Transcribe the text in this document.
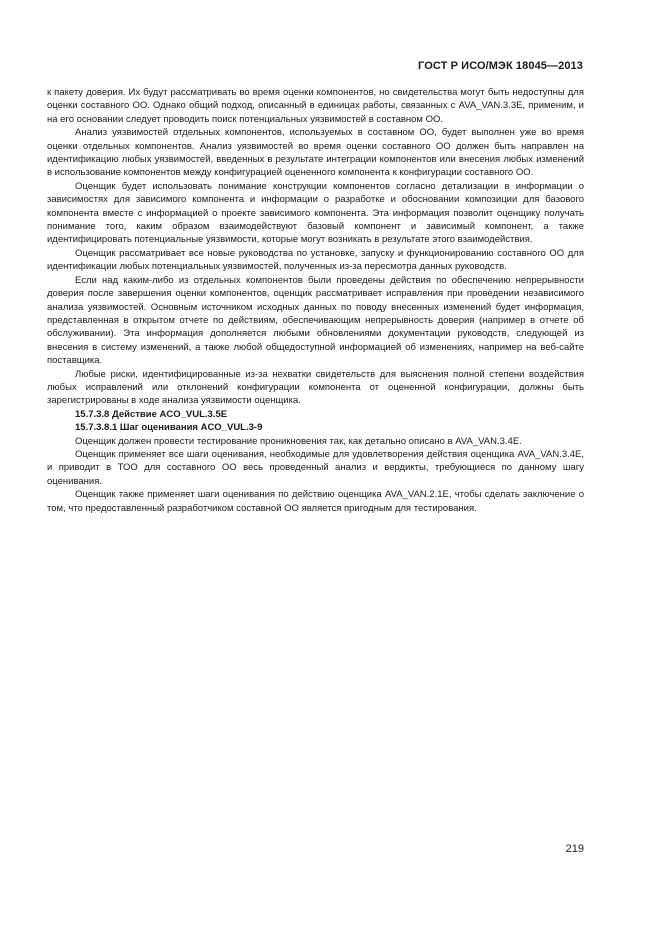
ГОСТ Р ИСО/МЭК 18045—2013

к пакету доверия. Их будут рассматривать во время оценки компонентов, но свидетельства могут быть недоступны для оценки составного ОО. Однако общий подход, описанный в единицах работы, связанных с AVA_VAN.3.3E, применим, и на его основании следует проводить поиск потенциальных уязвимостей в составном ОО.

Анализ уязвимостей отдельных компонентов, используемых в составном ОО, будет выполнен уже во время оценки отдельных компонентов. Анализ уязвимостей во время оценки составного ОО должен быть направлен на идентификацию любых уязвимостей, введенных в результате интеграции компонентов или внесения любых изменений в использование компонентов между конфигурацией оцененного компонента к конфигурации составного ОО.

Оценщик будет использовать понимание конструкции компонентов согласно детализации в информации о зависимостях для зависимого компонента и информации о разработке и обосновании композиции для базового компонента вместе с информацией о проекте зависимого компонента. Эта информация позволит оценщику получать понимание того, каким образом взаимодействуют базовый компонент и зависимый компонент, а также идентифицировать потенциальные уязвимости, которые могут возникать в результате этого взаимодействия.

Оценщик рассматривает все новые руководства по установке, запуску и функционированию составного ОО для идентификации любых потенциальных уязвимостей, полученных из-за пересмотра данных руководств.

Если над каким-либо из отдельных компонентов были проведены действия по обеспечению непрерывности доверия после завершения оценки компонентов, оценщик рассматривает исправления при проведении независимого анализа уязвимостей. Основным источником исходных данных по поводу внесенных изменений будет информация, представленная в открытом отчете по действиям, обеспечивающим непрерывность доверия (например в отчете об обслуживании). Эта информация дополняется любыми обновлениями документации руководств, следующей из внесения в систему изменений, а также любой общедоступной информацией об изменениях, например на веб-сайте поставщика.

Любые риски, идентифицированные из-за нехватки свидетельств для выяснения полной степени воздействия любых исправлений или отклонений конфигурации компонента от оцененной конфигурации, должны быть зарегистрированы в ходе анализа уязвимости оценщика.

15.7.3.8 Действие ACO_VUL.3.5E

15.7.3.8.1 Шаг оценивания ACO_VUL.3-9

Оценщик должен провести тестирование проникновения так, как детально описано в AVA_VAN.3.4E.

Оценщик применяет все шаги оценивания, необходимые для удовлетворения действия оценщика AVA_VAN.3.4E, и приводит в ТОО для составного ОО весь проведенный анализ и вердикты, требующиеся по данному шагу оценивания.

Оценщик также применяет шаги оценивания по действию оценщика AVA_VAN.2.1E, чтобы сделать заключение о том, что предоставленный разработчиком составной ОО является пригодным для тестирования.

219
